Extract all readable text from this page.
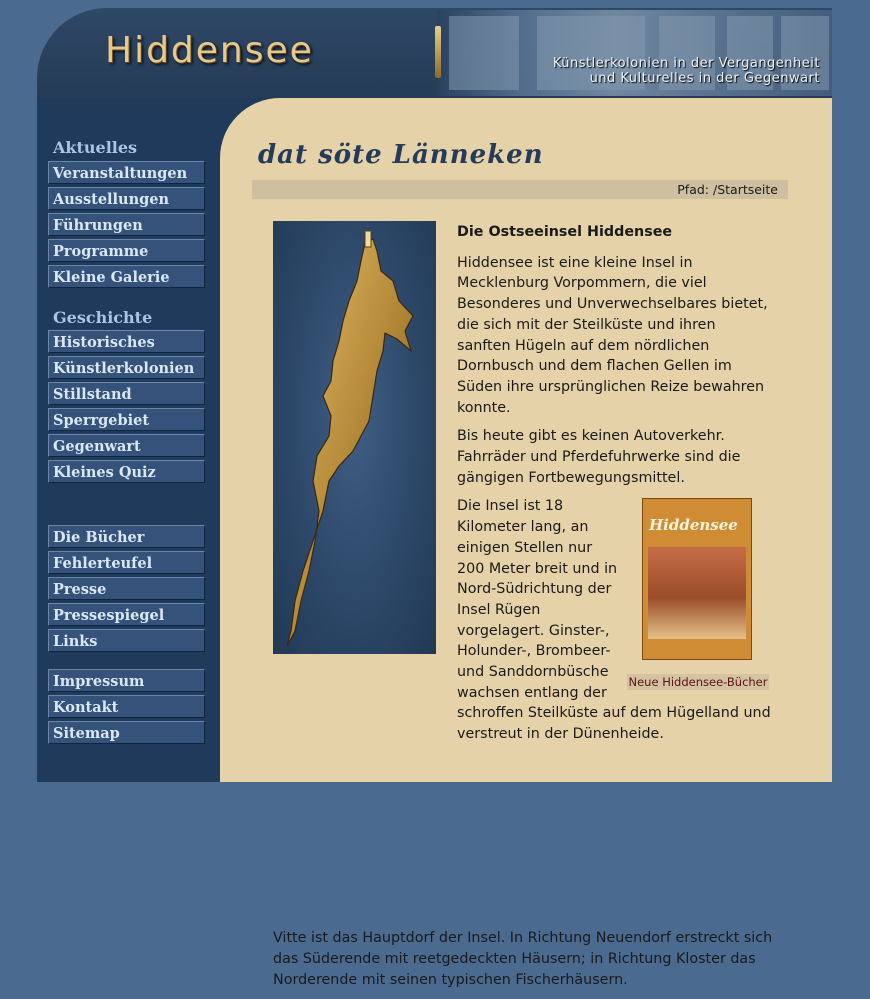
Hiddensee	Künstlerkolonien in der Vergangenheit
und Kulturelles in der Gegenwart
Aktuelles
Veranstaltungen
Ausstellungen
Führungen
Programme
Kleine Galerie
Geschichte
Historisches
Künstlerkolonien
Stillstand
Sperrgebiet
Gegenwart
Kleines Quiz
Die Bücher
Fehlerteufel
Presse
Pressespiegel
Links
Impressum
Kontakt
Sitemap
dat söte Länneken
Pfad: /Startseite
Die Ostseeinsel Hiddensee

Hiddensee ist eine kleine Insel in Mecklenburg Vorpommern, die viel Besonderes und Unverwechselbares bietet, die sich mit der Steilküste und ihren sanften Hügeln auf dem nördlichen Dornbusch und dem flachen Gellen im Süden ihre ursprünglichen Reize bewahren konnte.

Bis heute gibt es keinen Autoverkehr. Fahrräder und Pferdefuhrwerke sind die gängigen Fortbewegungsmittel.

Hiddensee
Neue Hiddensee-Bücher

Die Insel ist 18 Kilometer lang, an einigen Stellen nur 200 Meter breit und in Nord-Südrichtung der Insel Rügen vorgelagert. Ginster-, Holunder-, Brombeer- und Sanddornbüsche wachsen entlang der schroffen Steilküste auf dem Hügelland und verstreut in der Dünenheide.

Vitte ist das Hauptdorf der Insel. In Richtung Neuendorf erstreckt sich das Süderende mit reetgedeckten Häusern; in Richtung Kloster das Norderende mit seinen typischen Fischerhäusern.
